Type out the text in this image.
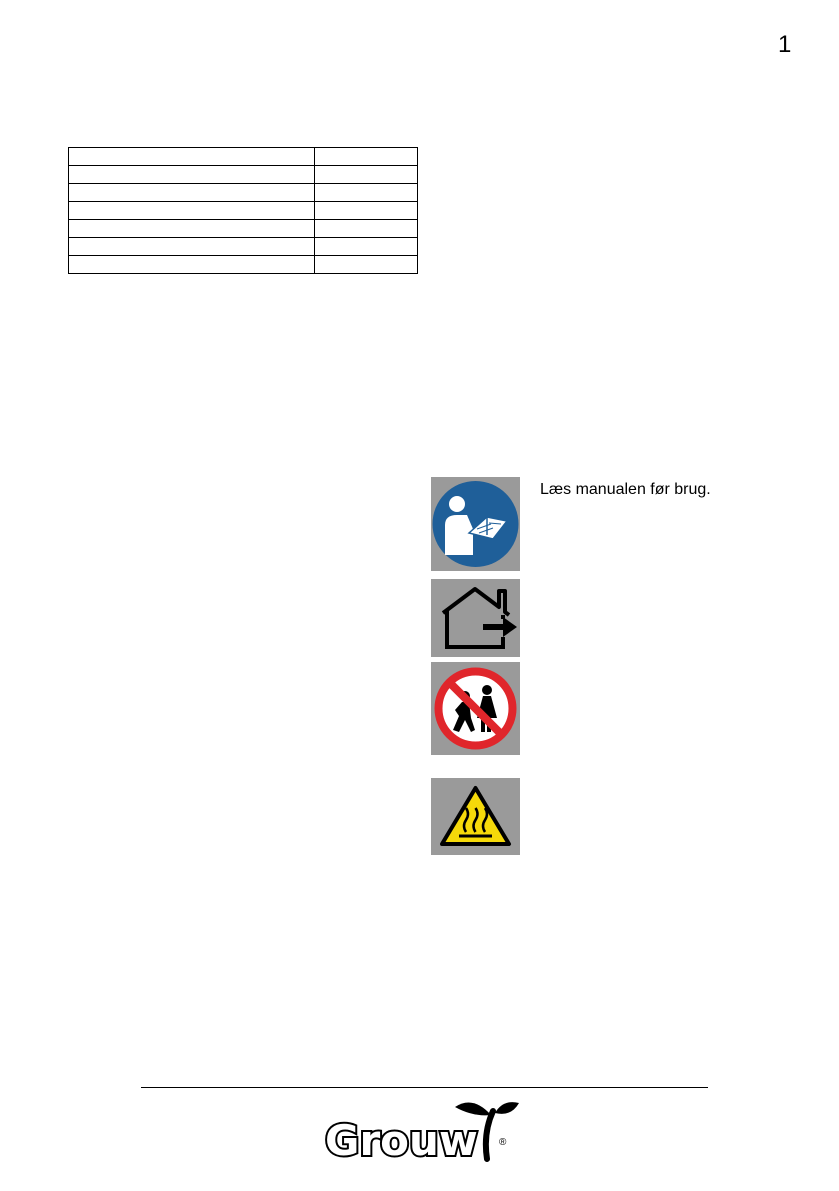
1

Læs manualen før brug.
Grouw ®
